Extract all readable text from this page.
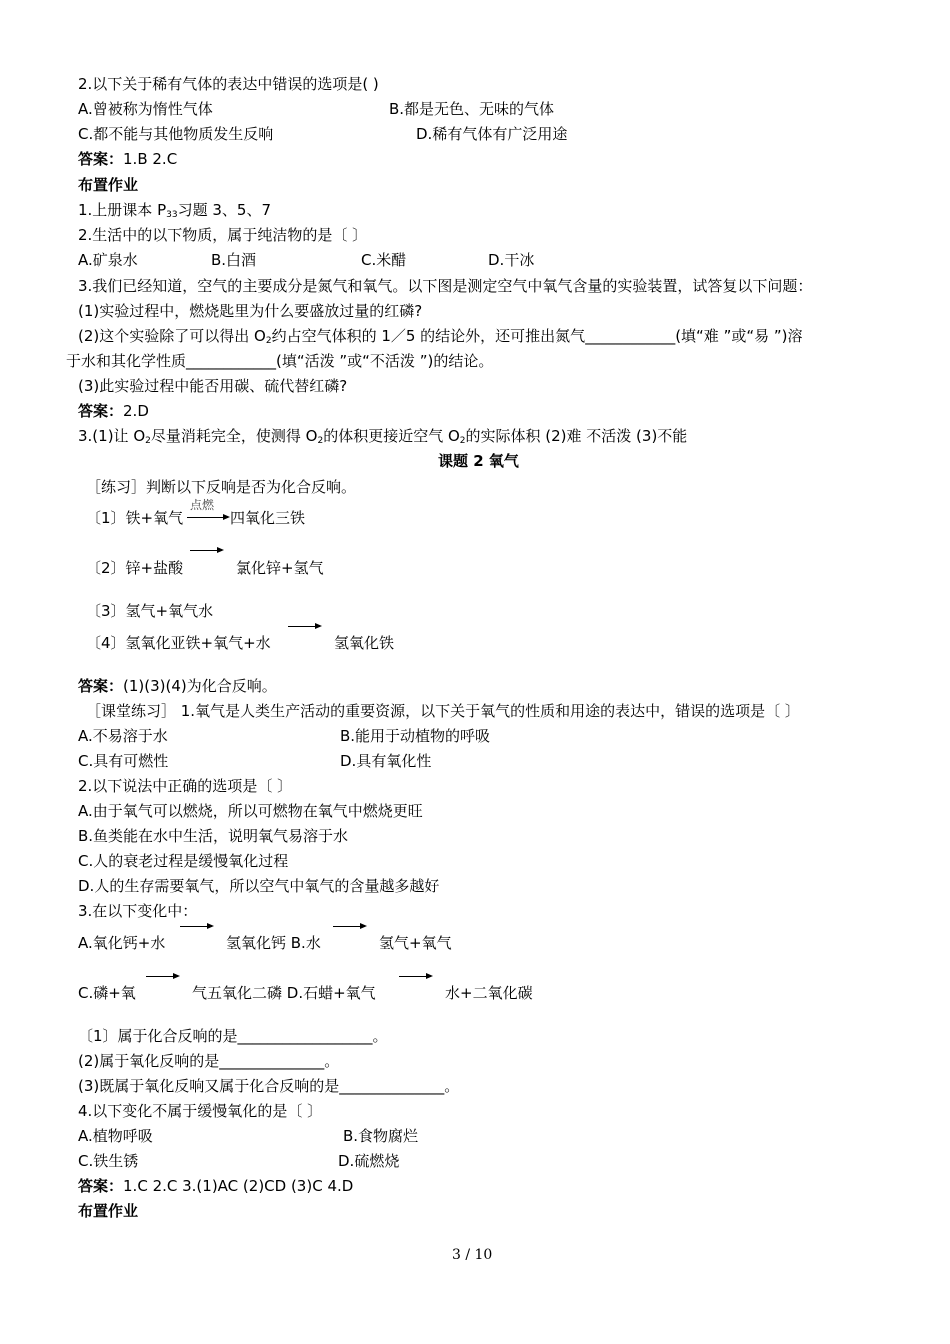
2.以下关于稀有气体的表达中错误的选项是( )
A.曾被称为惰性气体	B.都是无色、无味的气体
C.都不能与其他物质发生反响	D.稀有气体有广泛用途
答案：1.B 2.C
布置作业
1.上册课本 $P_{33}$习题 3、5、7
2.生活中的以下物质，属于纯洁物的是〔 〕
A.矿泉水	B.白酒	C.米醋	D.干冰
3.我们已经知道，空气的主要成分是氮气和氧气。以下图是测定空气中氧气含量的实验装置，试答复以下问题：
(1)实验过程中，燃烧匙里为什么要盛放过量的红磷?
(2)这个实验除了可以得出 $O_2$约占空气体积的 1／5 的结论外，还可推出氮气____________(填“难 ”或“易 ”)溶
于水和其化学性质____________(填“活泼 ”或“不活泼 ”)的结论。
(3)此实验过程中能否用碳、硫代替红磷?
答案：2.D
3.(1)让 $O_2$尽量消耗完全，使测得 $O_2$的体积更接近空气 $O_2$的实际体积 (2)难 不活泼 (3)不能
课题 2 氧气
［练习］判断以下反响是否为化合反响。
〔1〕铁+氧气
点燃
→ 四氧化三铁
〔2〕锌+盐酸	氯化锌+氢气
〔3〕氢气+氧气水
〔4〕氢氧化亚铁+氧气+水	氢氧化铁
答案：(1)(3)(4)为化合反响。
［课堂练习］ 1.氧气是人类生产活动的重要资源，以下关于氧气的性质和用途的表达中，错误的选项是〔 〕
A.不易溶于水	B.能用于动植物的呼吸
C.具有可燃性	D.具有氧化性
2.以下说法中正确的选项是〔 〕
A.由于氧气可以燃烧，所以可燃物在氧气中燃烧更旺
B.鱼类能在水中生活，说明氧气易溶于水
C.人的衰老过程是缓慢氧化过程
D.人的生存需要氧气，所以空气中氧气的含量越多越好
3.在以下变化中：
A.氧化钙+水	氢氧化钙 B.水	氢气+氧气
C.磷+氧	气五氧化二磷 D.石蜡+氧气	水+二氧化碳
〔1〕属于化合反响的是__________________。
(2)属于氧化反响的是______________。
(3)既属于氧化反响又属于化合反响的是______________。
4.以下变化不属于缓慢氧化的是〔 〕
A.植物呼吸	B.食物腐烂
C.铁生锈	D.硫燃烧
答案：1.C 2.C 3.(1)AC (2)CD (3)C 4.D
布置作业
3 / 10
